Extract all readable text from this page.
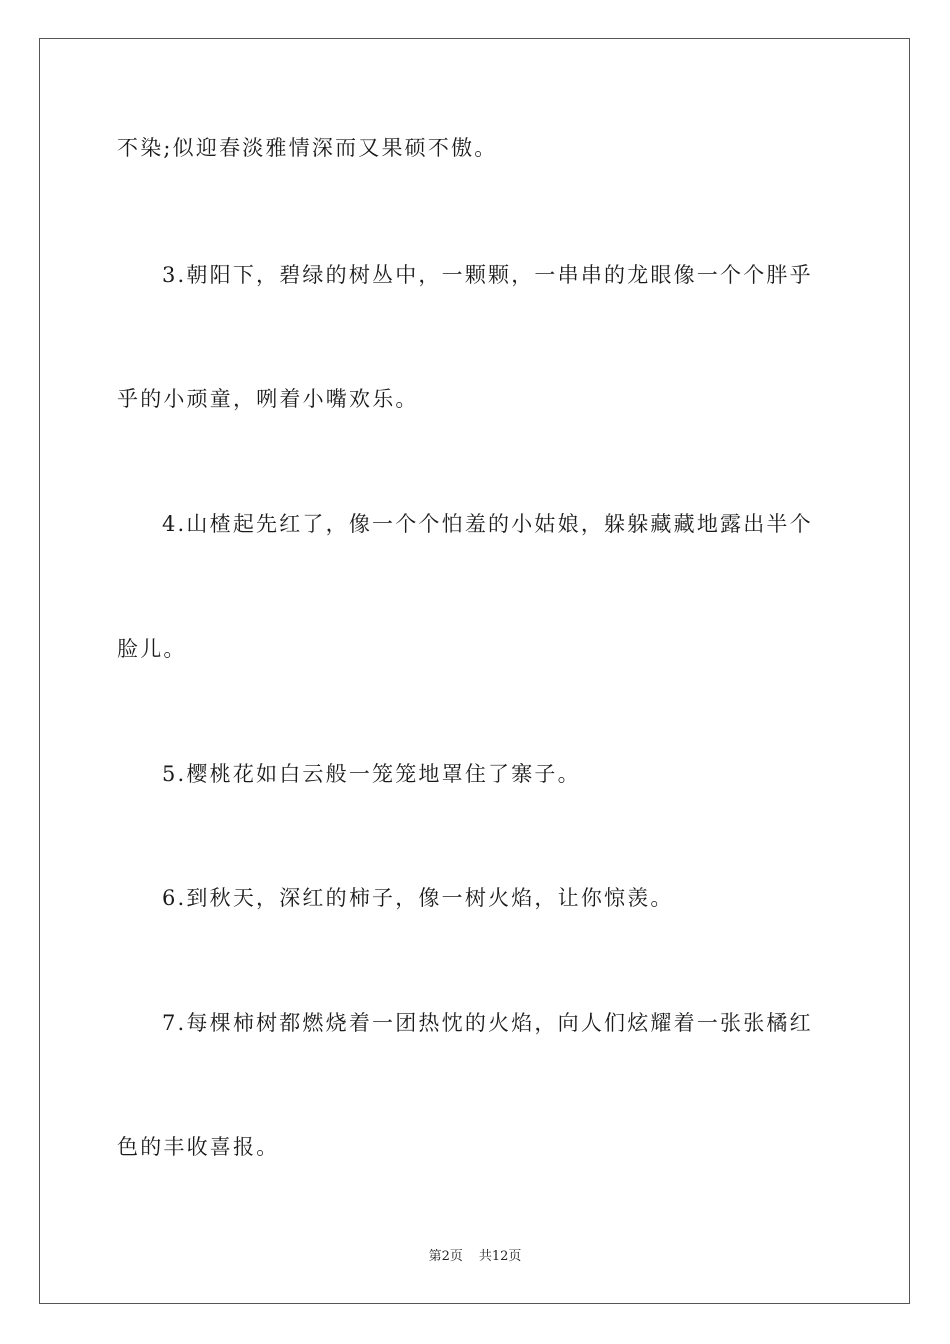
不染;似迎春淡雅情深而又果硕不傲。
3.朝阳下，碧绿的树丛中，一颗颗，一串串的龙眼像一个个胖乎
乎的小顽童，咧着小嘴欢乐。
4.山楂起先红了，像一个个怕羞的小姑娘，躲躲藏藏地露出半个
脸儿。
5.樱桃花如白云般一笼笼地罩住了寨子。
6.到秋天，深红的柿子，像一树火焰，让你惊羡。
7.每棵柿树都燃烧着一团热忱的火焰，向人们炫耀着一张张橘红
色的丰收喜报。
第2页 共12页
